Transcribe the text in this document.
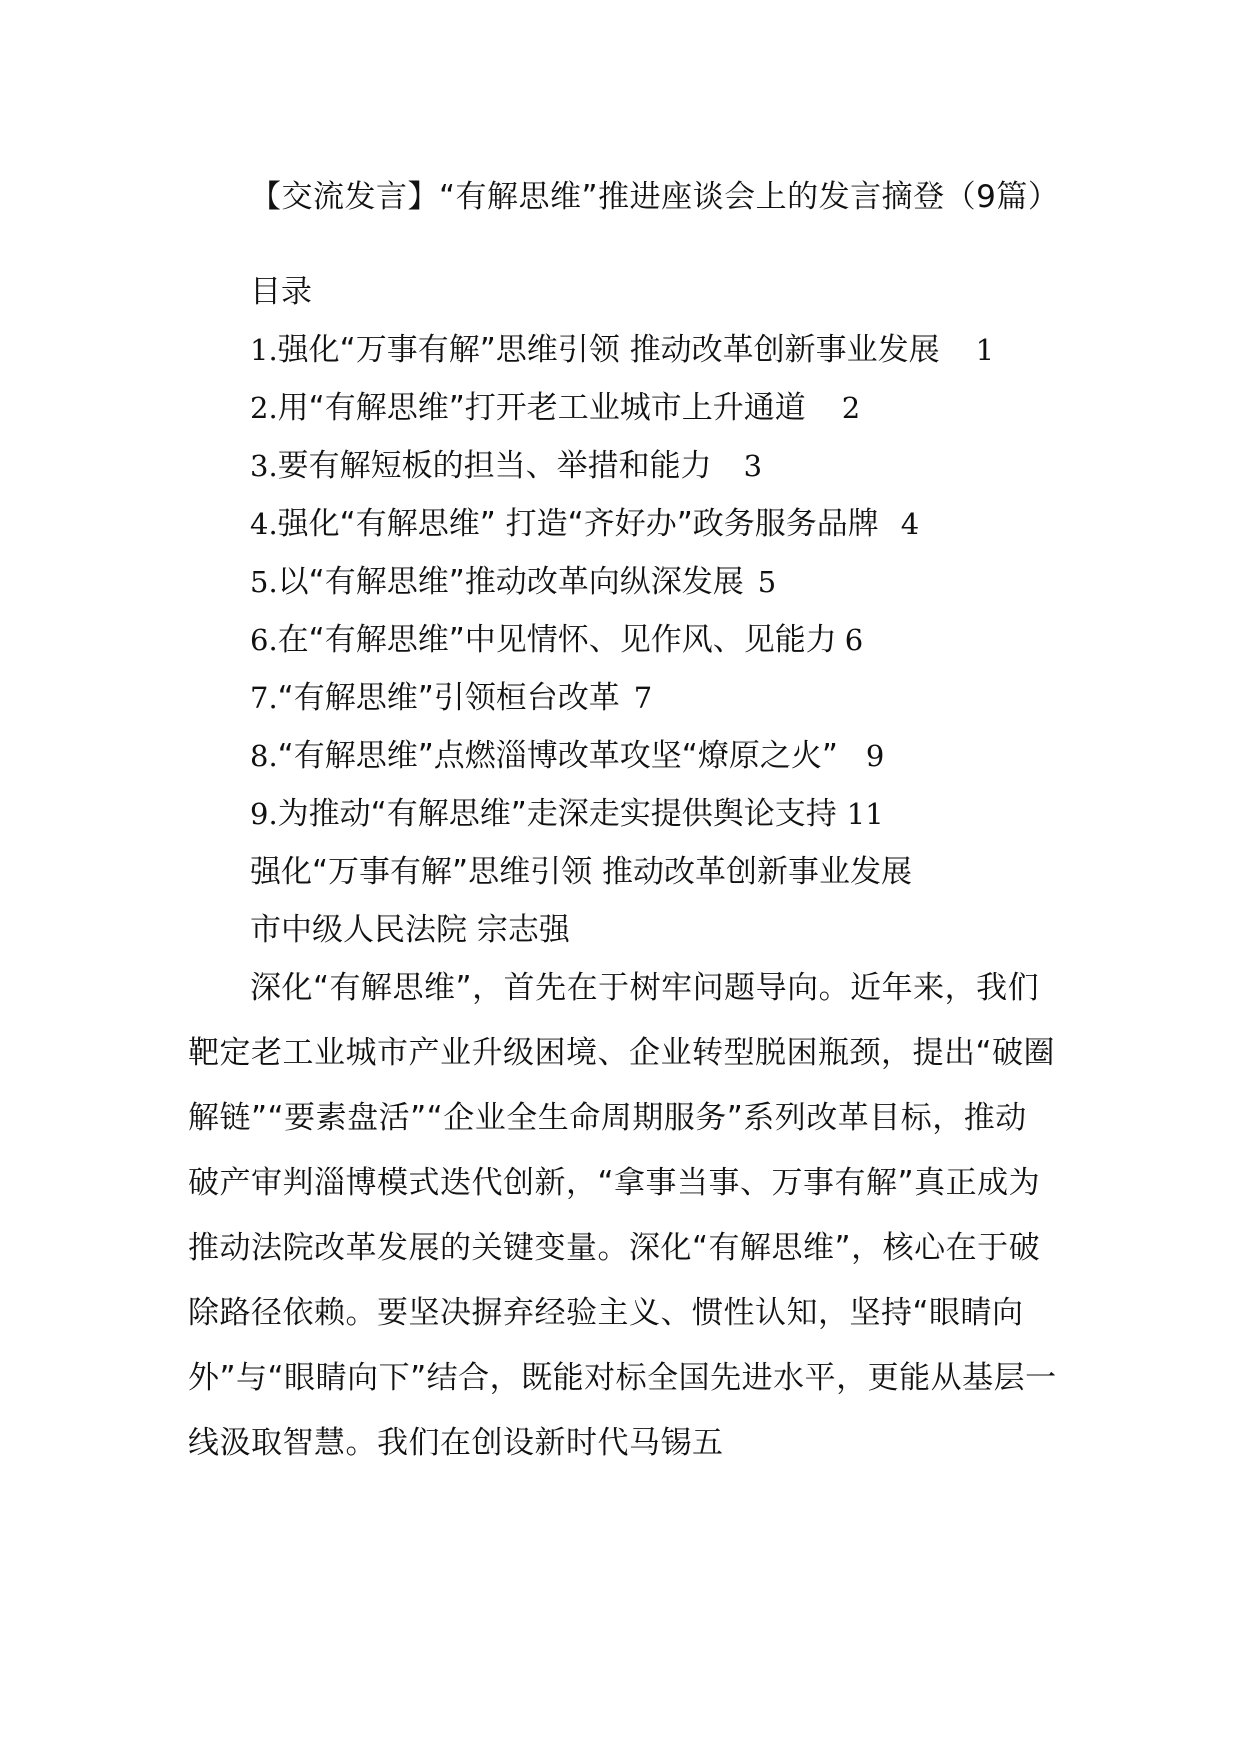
【交流发言】“有解思维”推进座谈会上的发言摘登（9篇）
目录
1.强化“万事有解”思维引领 推动改革创新事业发展 1
2.用“有解思维”打开老工业城市上升通道 2
3.要有解短板的担当、举措和能力 3
4.强化“有解思维” 打造“齐好办”政务服务品牌 4
5.以“有解思维”推动改革向纵深发展 5
6.在“有解思维”中见情怀、见作风、见能力 6
7.“有解思维”引领桓台改革 7
8.“有解思维”点燃淄博改革攻坚“燎原之火” 9
9.为推动“有解思维”走深走实提供舆论支持 11
强化“万事有解”思维引领 推动改革创新事业发展
市中级人民法院 宗志强
深化“有解思维”，首先在于树牢问题导向。近年来，我们靶定老工业城市产业升级困境、企业转型脱困瓶颈，提出“破圈解链”“要素盘活”“企业全生命周期服务”系列改革目标，推动破产审判淄博模式迭代创新，“拿事当事、万事有解”真正成为推动法院改革发展的关键变量。深化“有解思维”，核心在于破除路径依赖。要坚决摒弃经验主义、惯性认知，坚持“眼睛向外”与“眼睛向下”结合，既能对标全国先进水平，更能从基层一线汲取智慧。我们在创设新时代马锡五
